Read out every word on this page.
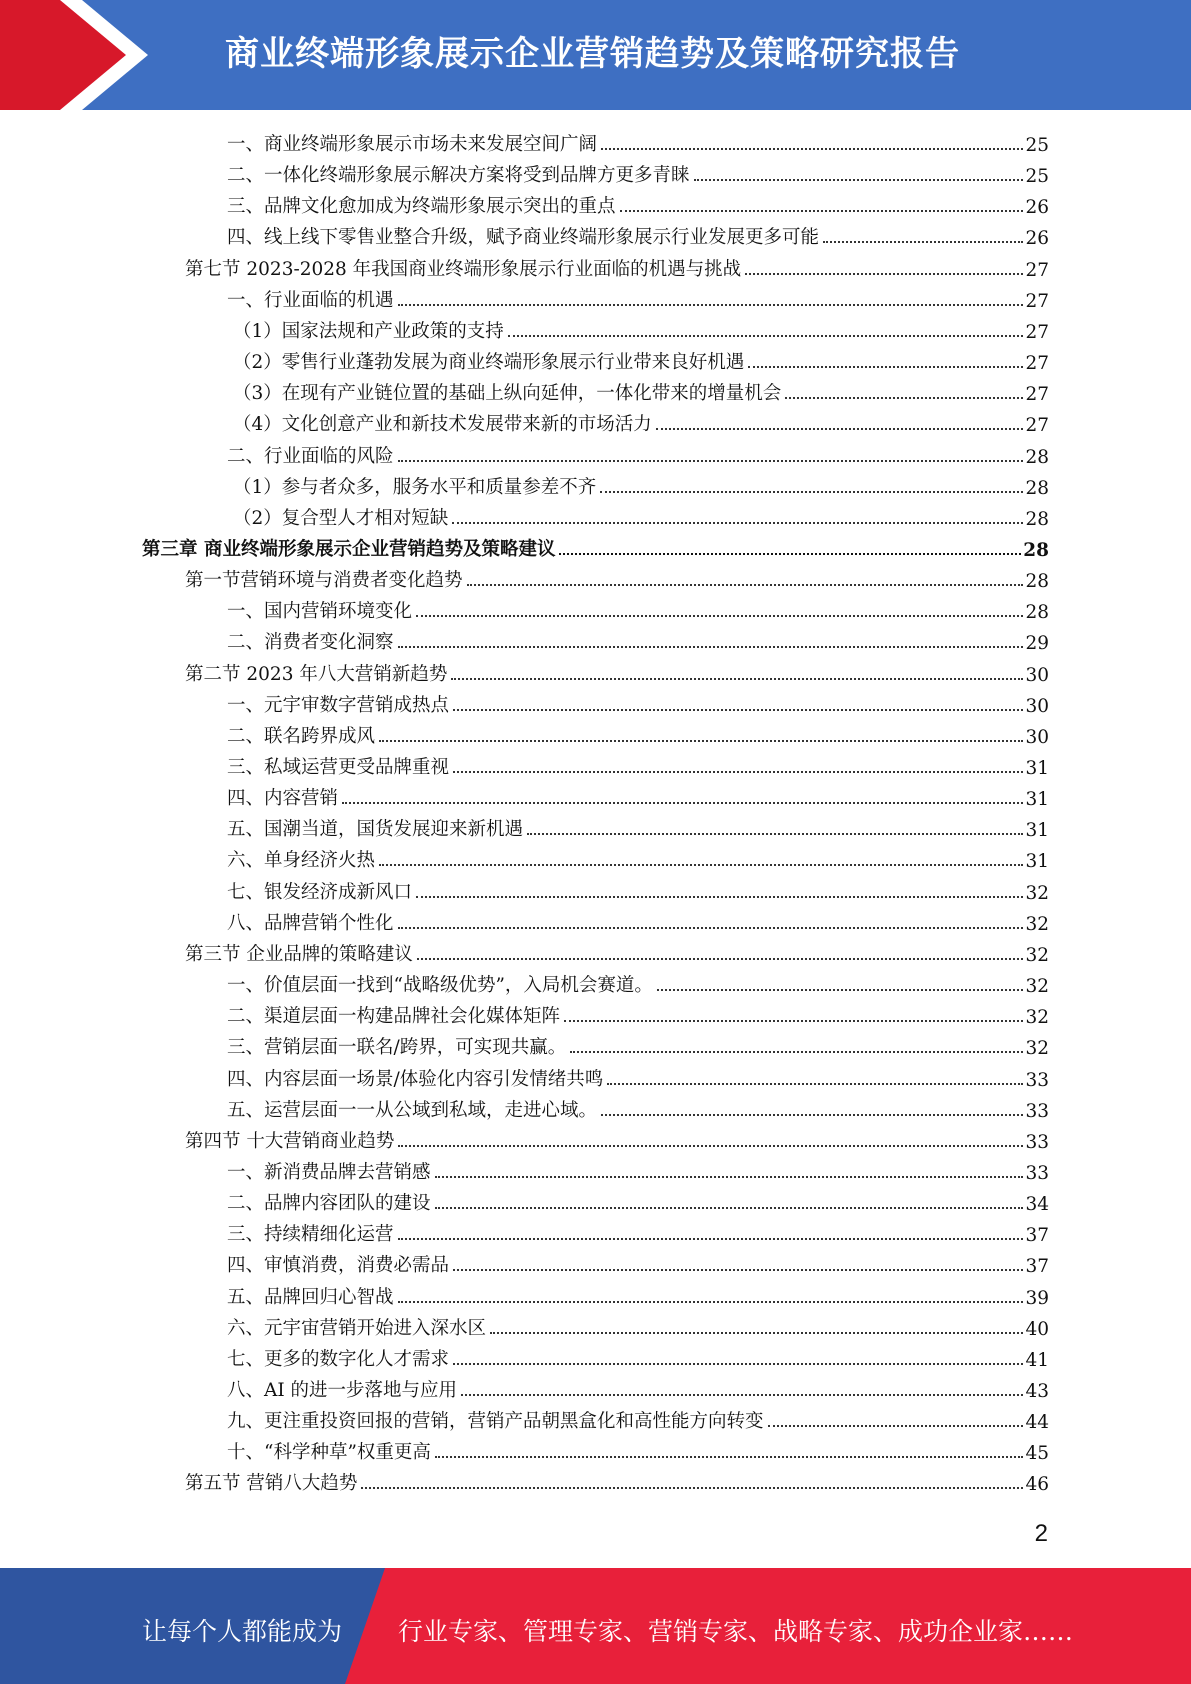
商业终端形象展示企业营销趋势及策略研究报告
一、商业终端形象展示市场未来发展空间广阔	25
二、一体化终端形象展示解决方案将受到品牌方更多青睐	25
三、品牌文化愈加成为终端形象展示突出的重点	26
四、线上线下零售业整合升级，赋予商业终端形象展示行业发展更多可能	26
第七节 2023-2028 年我国商业终端形象展示行业面临的机遇与挑战	27
一、行业面临的机遇	27
（1）国家法规和产业政策的支持	27
（2）零售行业蓬勃发展为商业终端形象展示行业带来良好机遇	27
（3）在现有产业链位置的基础上纵向延伸，一体化带来的增量机会	27
（4）文化创意产业和新技术发展带来新的市场活力	27
二、行业面临的风险	28
（1）参与者众多，服务水平和质量参差不齐	28
（2）复合型人才相对短缺	28
第三章 商业终端形象展示企业营销趋势及策略建议	28
第一节营销环境与消费者变化趋势	28
一、国内营销环境变化	28
二、消费者变化洞察	29
第二节 2023 年八大营销新趋势	30
一、元宇审数字营销成热点	30
二、联名跨界成风	30
三、私域运营更受品牌重视	31
四、内容营销	31
五、国潮当道，国货发展迎来新机遇	31
六、单身经济火热	31
七、银发经济成新风口	32
八、品牌营销个性化	32
第三节 企业品牌的策略建议	32
一、价值层面一找到“战略级优势”，入局机会赛道。	32
二、渠道层面一构建品牌社会化媒体矩阵	32
三、营销层面一联名/跨界，可实现共赢。	32
四、内容层面一场景/体验化内容引发情绪共鸣	33
五、运营层面一一从公域到私域，走进心域。	33
第四节 十大营销商业趋势	33
一、新消费品牌去营销感	33
二、品牌内容团队的建设	34
三、持续精细化运营	37
四、审慎消费，消费必需品	37
五、品牌回归心智战	39
六、元宇宙营销开始进入深水区	40
七、更多的数字化人才需求	41
八、AI 的进一步落地与应用	43
九、更注重投资回报的营销，营销产品朝黑盒化和高性能方向转变	44
十、“科学种草”权重更高	45
第五节 营销八大趋势	46
2
让每个人都能成为 行业专家、管理专家、营销专家、战略专家、成功企业家……
